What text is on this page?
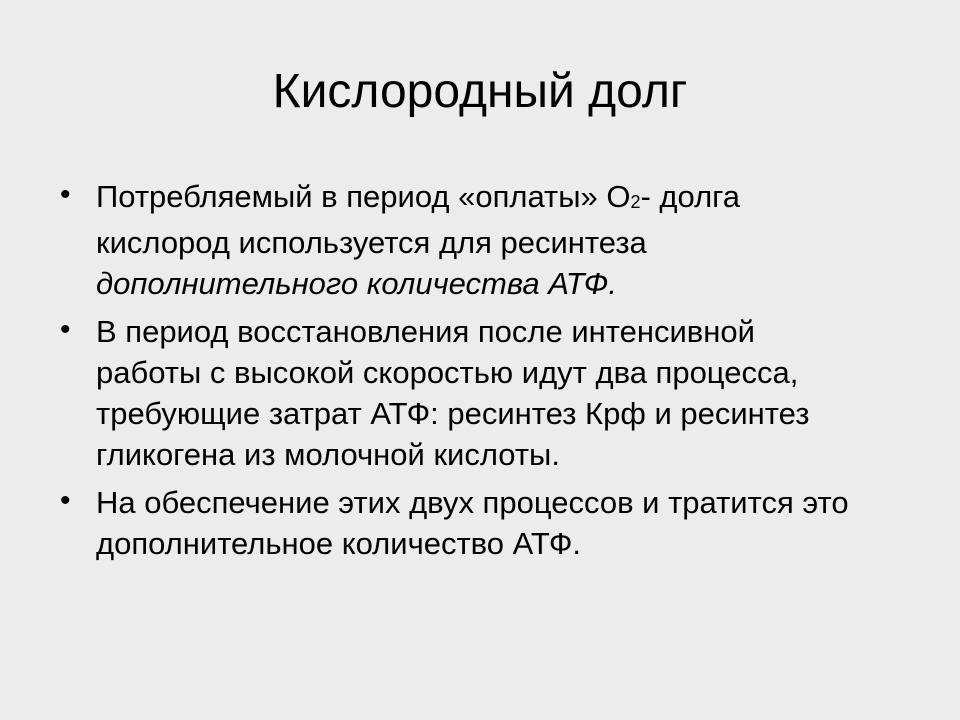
Кислородный долг
• Потребляемый в период «оплаты» О2- долга кислород используется для ресинтеза дополнительного количества АТФ.
• В период восстановления после интенсивной работы с высокой скоростью идут два процесса, требующие затрат АТФ: ресинтез Крф и ресинтез гликогена из молочной кислоты.
• На обеспечение этих двух процессов и тратится это дополнительное количество АТФ.
